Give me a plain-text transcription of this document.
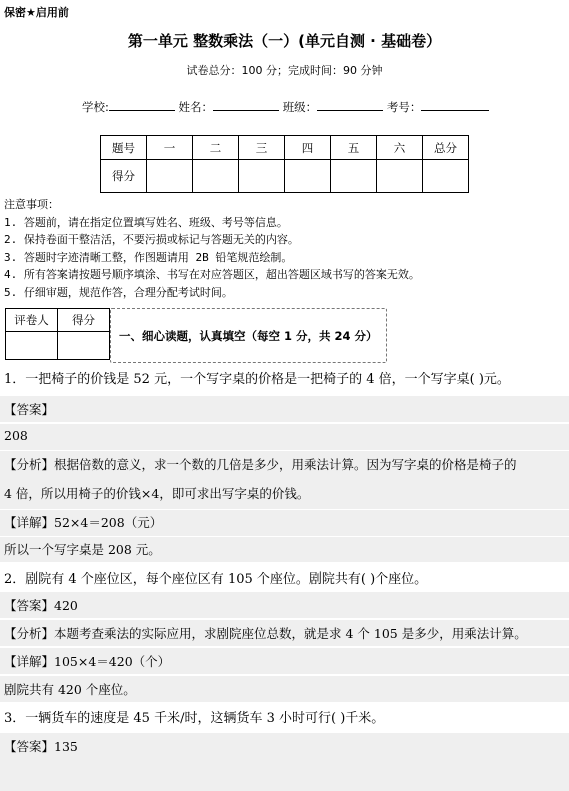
保密★启用前
第一单元 整数乘法（一）(单元自测 · 基础卷）
试卷总分：100 分；完成时间：90 分钟
学校:	姓名：	班级：	考号：
题号	一	二	三	四	五	六	总分
得分							
注意事项：
1. 答题前，请在指定位置填写姓名、班级、考号等信息。
2. 保持卷面干整洁活，不要污损或标记与答题无关的内容。
3. 答题时字迹清晰工整，作图题请用 2B 铅笔规范绘制。
4. 所有答案请按题号顺序填涂、书写在对应答题区，超出答题区域书写的答案无效。
5. 仔细审题，规范作答，合理分配考试时间。
评卷人	得分

一、细心读题，认真填空（每空 1 分，共 24 分）
1．一把椅子的价钱是 52 元，一个写字桌的价格是一把椅子的 4 倍，一个写字桌( )元。
【答案】
208
【分析】根据倍数的意义，求一个数的几倍是多少，用乘法计算。因为写字桌的价格是椅子的
4 倍，所以用椅子的价钱×4，即可求出写字桌的价钱。
【详解】52×4＝208（元）
所以一个写字桌是 208 元。
2．剧院有 4 个座位区，每个座位区有 105 个座位。剧院共有( )个座位。
【答案】420
【分析】本题考查乘法的实际应用，求剧院座位总数，就是求 4 个 105 是多少，用乘法计算。
【详解】105×4＝420（个）
剧院共有 420 个座位。
3．一辆货车的速度是 45 千米/时，这辆货车 3 小时可行( )千米。
【答案】135
